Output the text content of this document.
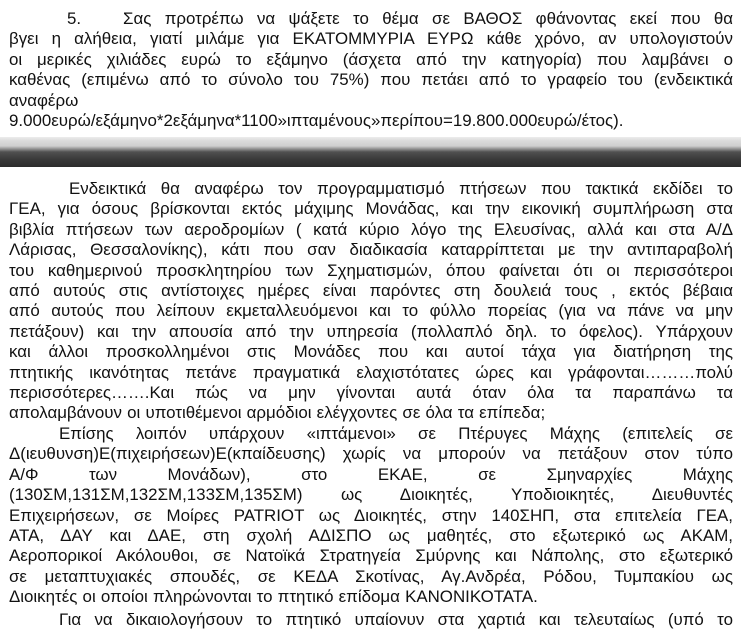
5. Σας προτρέπω να ψάξετε το θέμα σε ΒΑΘΟΣ φθάνοντας εκεί που θα

βγει η αλήθεια, γιατί μιλάμε για ΕΚΑΤΟΜΜΥΡΙΑ ΕΥΡΩ κάθε χρόνο, αν υπολογιστούν

οι μερικές χιλιάδες ευρώ το εξάμηνο (άσχετα από την κατηγορία) που λαμβάνει ο

καθένας (επιμένω από το σύνολο του 75%) που πετάει από το γραφείο του (ενδεικτικά

αναφέρω

9.000ευρώ/εξάμηνο*2εξάμηνα*1100»ιπταμένους»περίπου=19.800.000ευρώ/έτος).

Ενδεικτικά θα αναφέρω τον προγραμματισμό πτήσεων που τακτικά εκδίδει το

ΓΕΑ, για όσους βρίσκονται εκτός μάχιμης Μονάδας, και την εικονική συμπλήρωση στα

βιβλία πτήσεων των αεροδρομίων ( κατά κύριο λόγο της Ελευσίνας, αλλά και στα Α/Δ

Λάρισας, Θεσσαλονίκης), κάτι που σαν διαδικασία καταρρίπτεται με την αντιπαραβολή

του καθημερινού προσκλητηρίου των Σχηματισμών, όπου φαίνεται ότι οι περισσότεροι

από αυτούς στις αντίστοιχες ημέρες είναι παρόντες στη δουλειά τους , εκτός βέβαια

από αυτούς που λείπουν εκμεταλλευόμενοι και το φύλλο πορείας (για να πάνε να μην

πετάξουν) και την απουσία από την υπηρεσία (πολλαπλό δηλ. το όφελος). Υπάρχουν

και άλλοι προσκολλημένοι στις Μονάδες που και αυτοί τάχα για διατήρηση της

πτητικής ικανότητας πετάνε πραγματικά ελαχιστότατες ώρες και γράφονται………πολύ

περισσότερες…….Και πώς να μην γίνονται αυτά όταν όλα τα παραπάνω τα

απολαμβάνουν οι υποτιθέμενοι αρμόδιοι ελέγχοντες σε όλα τα επίπεδα;

Επίσης λοιπόν υπάρχουν «ιπτάμενοι» σε Πτέρυγες Μάχης (επιτελείς σε

Δ(ιευθυνση)Ε(πιχειρήσεων)Ε(κπαίδευσης) χωρίς να μπορούν να πετάξουν στον τύπο

Α/Φ των Μονάδων), στο ΕΚΑΕ, σε Σμηναρχίες Μάχης

(130ΣΜ,131ΣΜ,132ΣΜ,133ΣΜ,135ΣΜ) ως Διοικητές, Υποδιοικητές, Διευθυντές

Επιχειρήσεων, σε Μοίρες PATRIOT ως Διοικητές, στην 140ΣΗΠ, στα επιτελεία ΓΕΑ,

ΑΤΑ, ΔΑΥ και ΔΑΕ, στη σχολή ΑΔΙΣΠΟ ως μαθητές, στο εξωτερικό ως ΑΚΑΜ,

Αεροπορικοί Ακόλουθοι, σε Νατοϊκά Στρατηγεία Σμύρνης και Νάπολης, στο εξωτερικό

σε μεταπτυχιακές σπουδές, σε ΚΕΔΑ Σκοτίνας, Αγ.Ανδρέα, Ρόδου, Τυμπακίου ως

Διοικητές οι οποίοι πληρώνονται το πτητικό επίδομα ΚΑΝΟΝΙΚΟΤΑΤΑ.

Για να δικαιολογήσουν το πτητικό υπαίονυν στα χαρτιά και τελευταίως (υπό το
